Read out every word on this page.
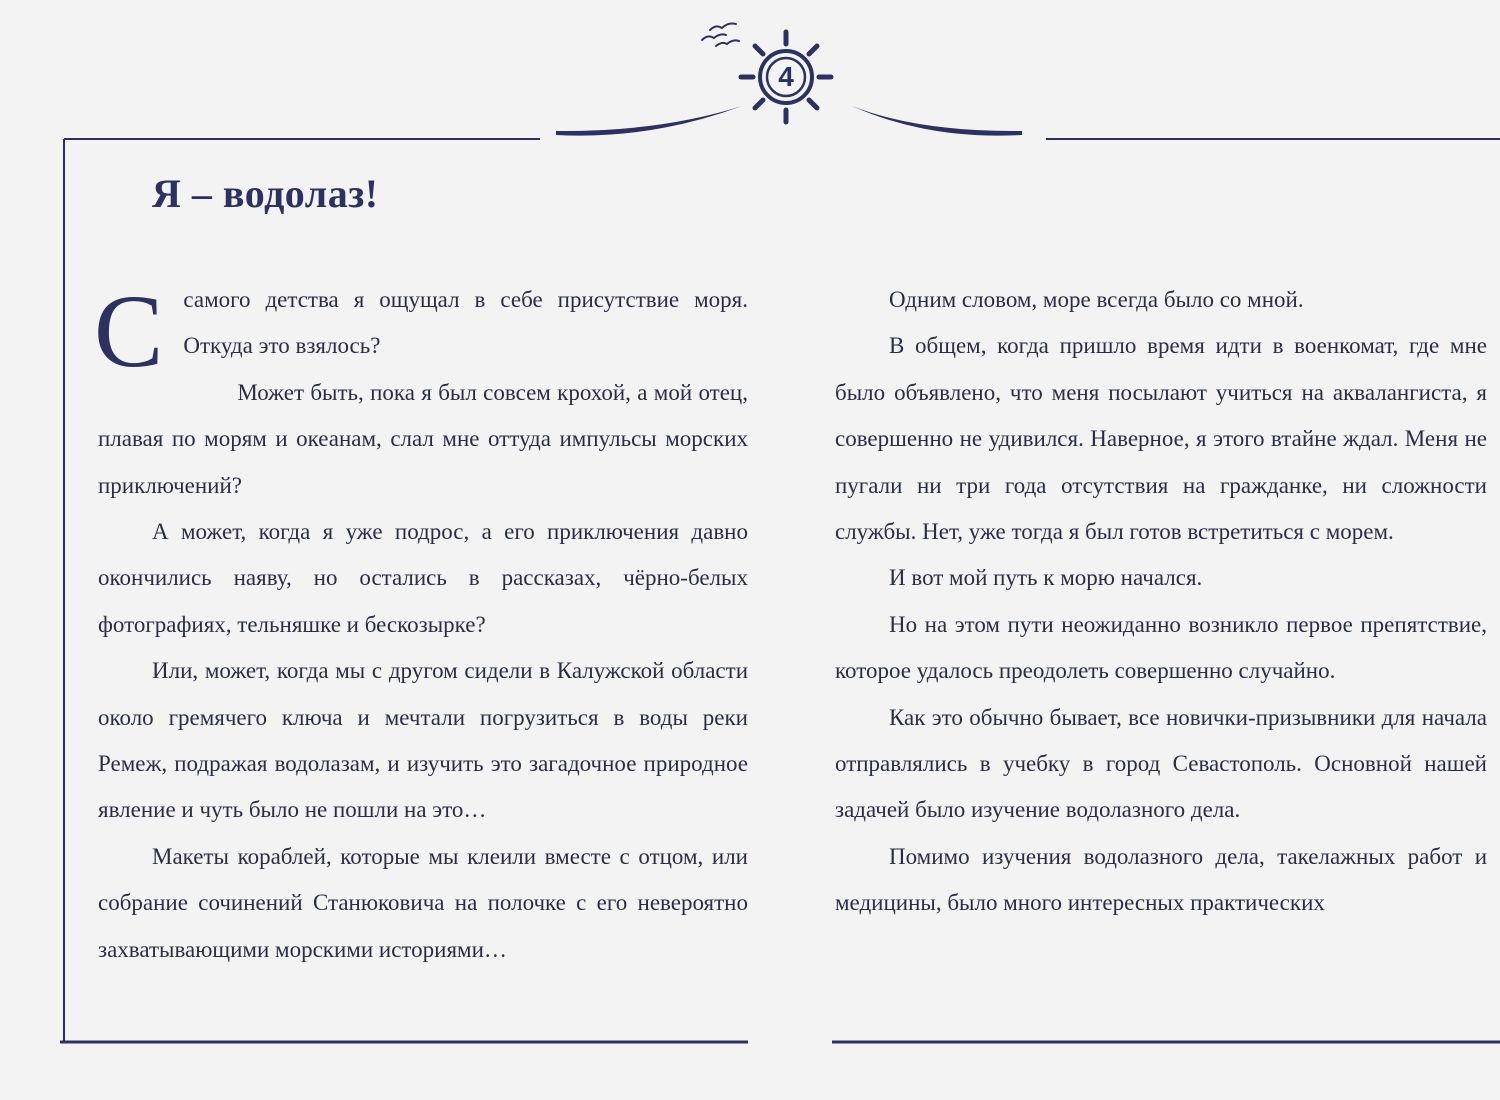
4
Я – водолаз!
С самого детства я ощущал в себе присутствие моря. Откуда это взялось?

Может быть, пока я был совсем крохой, а мой отец, плавая по морям и океанам, слал мне оттуда импульсы морских приключений?

А может, когда я уже подрос, а его приключения давно окончились наяву, но остались в рассказах, чёрно-белых фотографиях, тельняшке и бескозырке?

Или, может, когда мы с другом сидели в Калужской области около гремячего ключа и мечтали погрузиться в воды реки Ремеж, подражая водолазам, и изучить это загадочное природное явление и чуть было не пошли на это…

Макеты кораблей, которые мы клеили вместе с отцом, или собрание сочинений Станюковича на полочке с его невероятно захватывающими морскими историями…

Одним словом, море всегда было со мной.

В общем, когда пришло время идти в военкомат, где мне было объявлено, что меня посылают учиться на аквалангиста, я совершенно не удивился. Наверное, я этого втайне ждал. Меня не пугали ни три года отсутствия на гражданке, ни сложности службы. Нет, уже тогда я был готов встретиться с морем.

И вот мой путь к морю начался.

Но на этом пути неожиданно возникло первое препятствие, которое удалось преодолеть совершенно случайно.

Как это обычно бывает, все новички-призывники для начала отправлялись в учебку в город Севастополь. Основной нашей задачей было изучение водолазного дела.

Помимо изучения водолазного дела, такелажных работ и медицины, было много интересных практических
